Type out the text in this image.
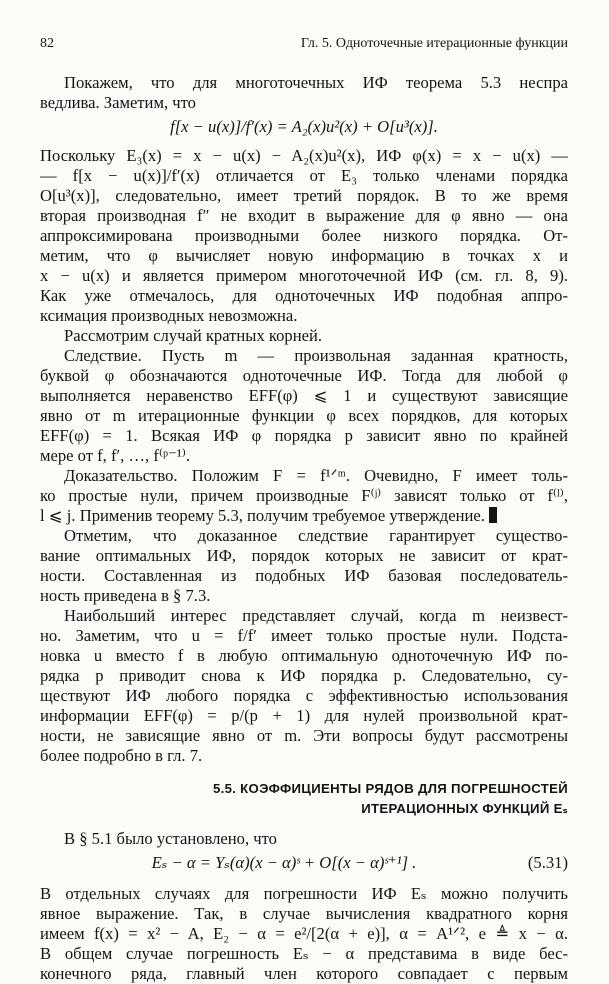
82	Гл. 5. Одноточечные итерационные функции
Покажем, что для многоточечных ИФ теорема 5.3 неспра
ведлива. Заметим, что
f[x − u(x)]/f′(x) = A₂(x)u²(x) + O[u³(x)].
Поскольку E₃(x) = x − u(x) − A₂(x)u²(x), ИФ φ(x) = x − u(x) —
— f[x − u(x)]/f′(x) отличается от E₃ только членами порядка
O[u³(x)], следовательно, имеет третий порядок. В то же время
вторая производная f″ не входит в выражение для φ явно — она
аппроксимирована производными более низкого порядка. От-
метим, что φ вычисляет новую информацию в точках x и
x − u(x) и является примером многоточечной ИФ (см. гл. 8, 9).
Как уже отмечалось, для одноточечных ИФ подобная аппро-
ксимация производных невозможна.
Рассмотрим случай кратных корней.
Следствие. Пусть m — произвольная заданная кратность,
буквой φ обозначаются одноточечные ИФ. Тогда для любой φ
выполняется неравенство EFF(φ) ⩽ 1 и существуют зависящие
явно от m итерационные функции φ всех порядков, для которых
EFF(φ) = 1. Всякая ИФ φ порядка p зависит явно по крайней
мере от f, f′, …, f⁽ᵖ⁻¹⁾.
Доказательство. Положим F = f¹ᐟᵐ. Очевидно, F имеет толь-
ко простые нули, причем производные F⁽ʲ⁾ зависят только от f⁽ˡ⁾,
l ⩽ j. Применив теорему 5.3, получим требуемое утверждение.
Отметим, что доказанное следствие гарантирует существо-
вание оптимальных ИФ, порядок которых не зависит от крат-
ности. Составленная из подобных ИФ базовая последователь-
ность приведена в § 7.3.
Наибольший интерес представляет случай, когда m неизвест-
но. Заметим, что u = f/f′ имеет только простые нули. Подста-
новка u вместо f в любую оптимальную одноточечную ИФ по-
рядка p приводит снова к ИФ порядка p. Следовательно, су-
ществуют ИФ любого порядка с эффективностью использования
информации EFF(φ) = p/(p + 1) для нулей произвольной крат-
ности, не зависящие явно от m. Эти вопросы будут рассмотрены
более подробно в гл. 7.
5.5. КОЭФФИЦИЕНТЫ РЯДОВ ДЛЯ ПОГРЕШНОСТЕЙ
ИТЕРАЦИОННЫХ ФУНКЦИЙ Eₛ
В § 5.1 было установлено, что
Eₛ − α = Yₛ(α)(x − α)ˢ + O[(x − α)ˢ⁺¹] .	(5.31)
В отдельных случаях для погрешности ИФ Eₛ можно получить
явное выражение. Так, в случае вычисления квадратного корня
имеем f(x) = x² − A, E₂ − α = e²/[2(α + e)], α = A¹ᐟ², e ≜ x − α.
В общем случае погрешность Eₛ − α представима в виде бес-
конечного ряда, главный член которого совпадает с первым
